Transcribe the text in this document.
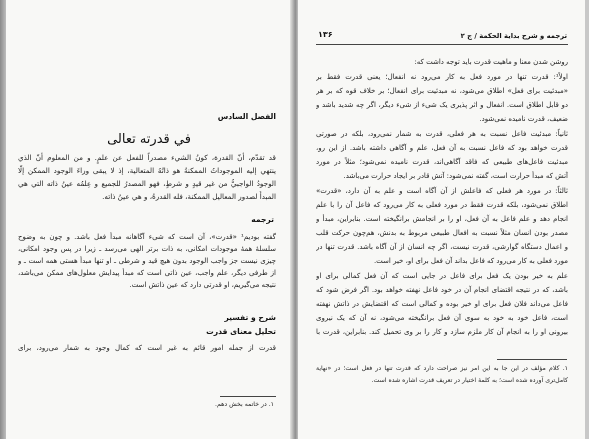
الفصل السادس
في قدرته تعالى
قد تقدّم، أنّ القدرة، كونُ الشيء مصدراً للفعل عن علمٍ. و من المعلوم أنّ الذي
ينتهي إليه الموجوداتُ الممكنةُ هو ذاتُهُ المتعالية، إذ لا يبقى وراءَ الوجود الممكن إلّا
الوجودُ الواجبيُّ من غير قيدٍ و شرطٍ، فهو المصدرُ للجميع و عِلمُه عينُ ذاته التي هي
المبدأُ لصدور المعاليل الممكنة، فله القدرةُ، و هي عينُ ذاته.
ترجمه
گفته بودیم¹ «قدرت»، آن است که شیء آگاهانه مبدأ فعل باشد. و چون به وضوح
سلسلهٔ همهٔ موجودات امکانی، به ذات برتر الهی می‌رسد ـ زیرا در پس وجود امکانی،
چیزی نیست جز واجب الوجود بدون هیچ قید و شرطی ـ او تنها مبدأ هستی همه است ـ و
از طرفی دیگر، علم واجب، عین ذاتی است که مبدأ پیدایش معلول‌های ممکن می‌باشد،
نتیجه می‌گیریم، او قدرتی دارد که عین ذاتش است.
شرح و تفسیر
تحلیل معنای قدرت
قدرت از جمله امور قائم به غیر است که کمال وجود به شمار می‌رود، برای
۱. در خاتمه بخش دهم.
۱۳۶	ترجمه و شرح بدایة الحکمة / ج ۲
روشن شدن معنا و ماهیت قدرت باید توجه داشت که:
اولاً¹: قدرت تنها در مورد فعل به کار می‌رود نه انفعال؛ یعنی قدرت فقط بر
«مبدئیت برای فعل» اطلاق می‌شود، نه مبدئیت برای انفعال؛ بر خلاف قوه که بر هر
دو قابل اطلاق است. انفعال و اثر پذیری یک شیء از شیء دیگر، اگر چه شدید باشد و
ضعیف، قدرت نامیده نمی‌شود.
ثانیاً: مبدئیت فاعل نسبت به هر فعلی، قدرت به شمار نمی‌رود، بلکه در صورتی
قدرت خواهد بود که فاعل نسبت به آن فعل، علم و آگاهی داشته باشد. از این رو،
مبدئیت فاعل‌های طبیعی که فاقد آگاهی‌اند، قدرت نامیده نمی‌شود؛ مثلاً در مورد
آتش که مبدأ حرارت است، گفته نمی‌شود: آتش قادر بر ایجاد حرارت می‌باشد.
ثالثاً: در مورد هر فعلی که فاعلش از آن آگاه است و علم به آن دارد، «قدرت»
اطلاق نمی‌شود، بلکه قدرت فقط در مورد فعلی به کار می‌رود که فاعل آن را با علم
انجام دهد و علم فاعل به آن فعل، او را بر انجامش برانگیخته است. بنابراین، مبدأ و
مصدر بودن انسان مثلاً نسبت به افعال طبیعی مربوط به بدنش، هم‌چون حرکت قلب
و اعمال دستگاه گوارشی، قدرت نیست، اگر چه انسان از آن آگاه باشد. قدرت تنها در
مورد فعلی به کار می‌رود که فاعل بداند آن فعل برای او، خیر است.
علم به خیر بودن یک فعل برای فاعل در جایی است که آن فعل کمالی برای او
باشد، که در نتیجه اقتضای انجام آن در خود فاعل نهفته خواهد بود. اگر فرض شود که
فاعل می‌داند فلان فعل برای او خیر بوده و کمالی است که اقتضایش در ذاتش نهفته
است، فاعل خود به خود به سوی آن فعل برانگیخته می‌شود، نه آن که یک نیروی
بیرونی او را به انجام آن کار ملزم سازد و کار را بر وی تحمیل کند. بنابراین، قدرت با
۱. کلام مؤلف در این جا به این امر نیز صراحت دارد که قدرت تنها در فعل است؛ در «نهایة
کامل‌تری آورده شده است؛ به کلمهٔ اختیار در تعریف قدرت اشاره شده است.
